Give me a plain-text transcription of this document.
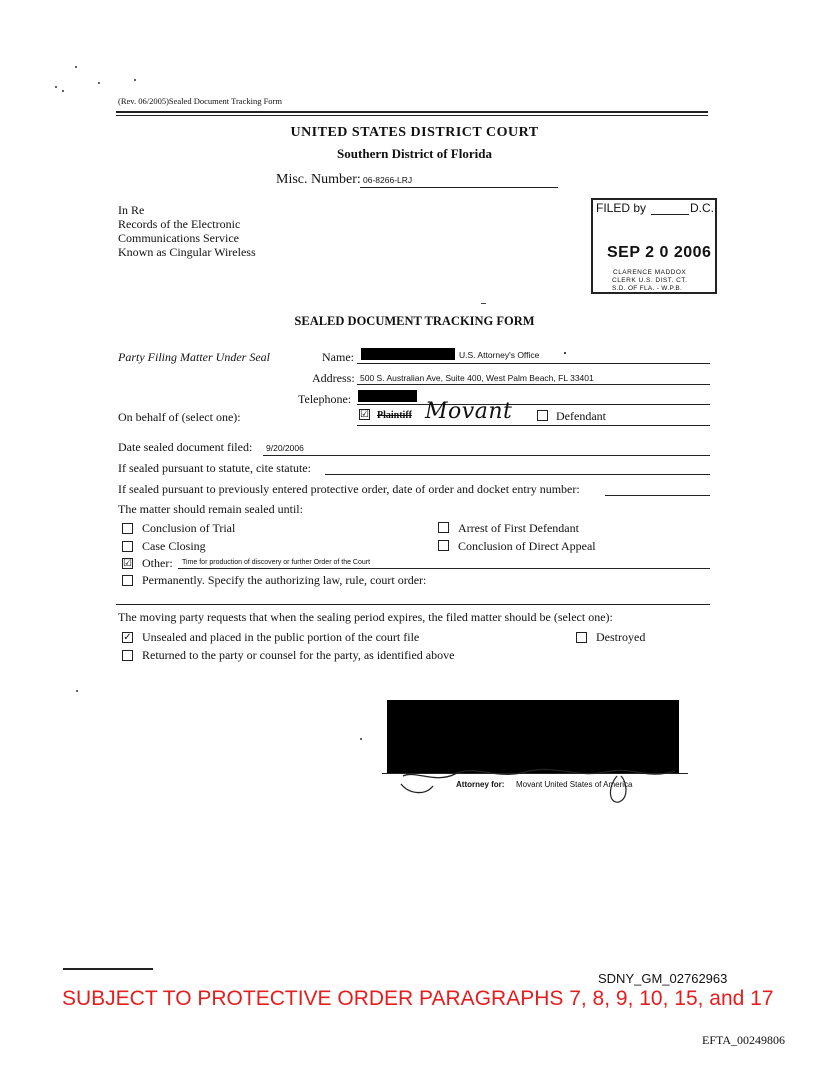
(Rev. 06/2005)Sealed Document Tracking Form
UNITED STATES DISTRICT COURT
Southern District of Florida
Misc. Number: 06-8266-LRJ
In Re
Records of the Electronic
Communications Service
Known as Cingular Wireless
FILED by	D.C.
SEP 2 0 2006
CLARENCE MADDOX
CLERK U.S. DIST. CT.
S.D. OF FLA. - W.P.B.
SEALED DOCUMENT TRACKING FORM
Party Filing Matter Under Seal	Name:	U.S. Attorney's Office
Address: 500 S. Australian Ave, Suite 400, West Palm Beach, FL 33401
Telephone:
On behalf of (select one):	☑ Plaintiff Movant	Defendant
Date sealed document filed: 9/20/2006
If sealed pursuant to statute, cite statute:
If sealed pursuant to previously entered protective order, date of order and docket entry number:
The matter should remain sealed until:
Conclusion of Trial	Arrest of First Defendant
Case Closing	Conclusion of Direct Appeal
☑ Other: Time for production of discovery or further Order of the Court
Permanently. Specify the authorizing law, rule, court order:
The moving party requests that when the sealing period expires, the filed matter should be (select one):
✓ Unsealed and placed in the public portion of the court file	Destroyed
Returned to the party or counsel for the party, as identified above
Attorney for: Movant United States of America
SDNY_GM_02762963
SUBJECT TO PROTECTIVE ORDER PARAGRAPHS 7, 8, 9, 10, 15, and 17
EFTA_00249806
